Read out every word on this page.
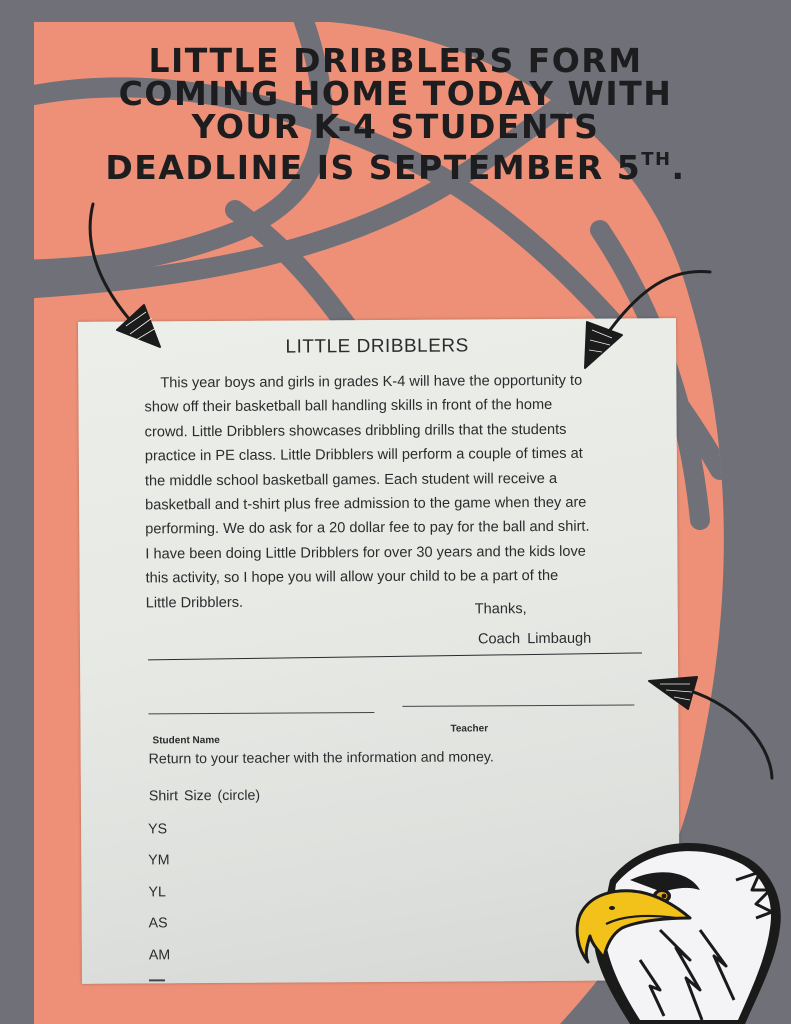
LITTLE DRIBBLERS FORM
COMING HOME TODAY WITH
YOUR K-4 STUDENTS
DEADLINE IS SEPTEMBER 5TH.
LITTLE DRIBBLERS

This year boys and girls in grades K-4 will have the opportunity to
show off their basketball ball handling skills in front of the home
crowd. Little Dribblers showcases dribbling drills that the students
practice in PE class. Little Dribblers will perform a couple of times at
the middle school basketball games. Each student will receive a
basketball and t-shirt plus free admission to the game when they are
performing. We do ask for a 20 dollar fee to pay for the ball and shirt.
I have been doing Little Dribblers for over 30 years and the kids love
this activity, so I hope you will allow your child to be a part of the
Little Dribblers.	Thanks,
Coach Limbaugh
Student Name
Teacher
Return to your teacher with the information and money.
Shirt Size (circle)
YS
YM
YL
AS
AM
